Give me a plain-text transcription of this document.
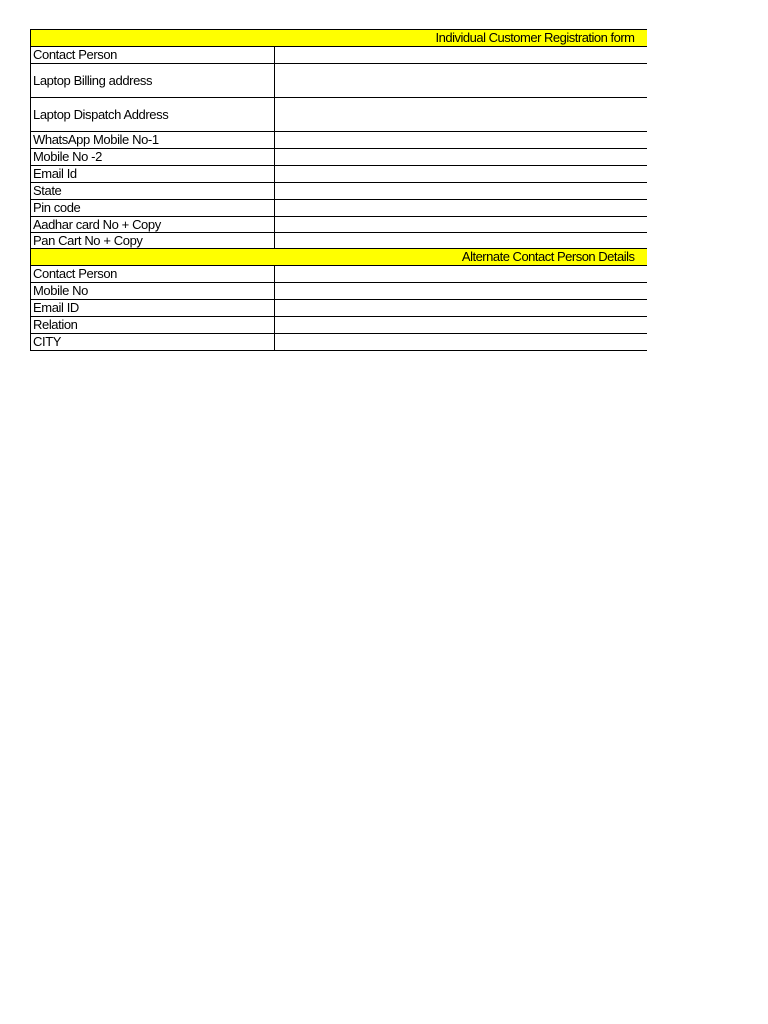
Individual Customer Registration form	
Contact Person	
Laptop Billing address	
Laptop Dispatch Address	
WhatsApp Mobile No-1	
Mobile No -2	
Email Id	
State	
Pin code	
Aadhar card No + Copy	
Pan Cart No + Copy	
Alternate Contact Person Details	
Contact Person	
Mobile No	
Email ID	
Relation	
CITY	
